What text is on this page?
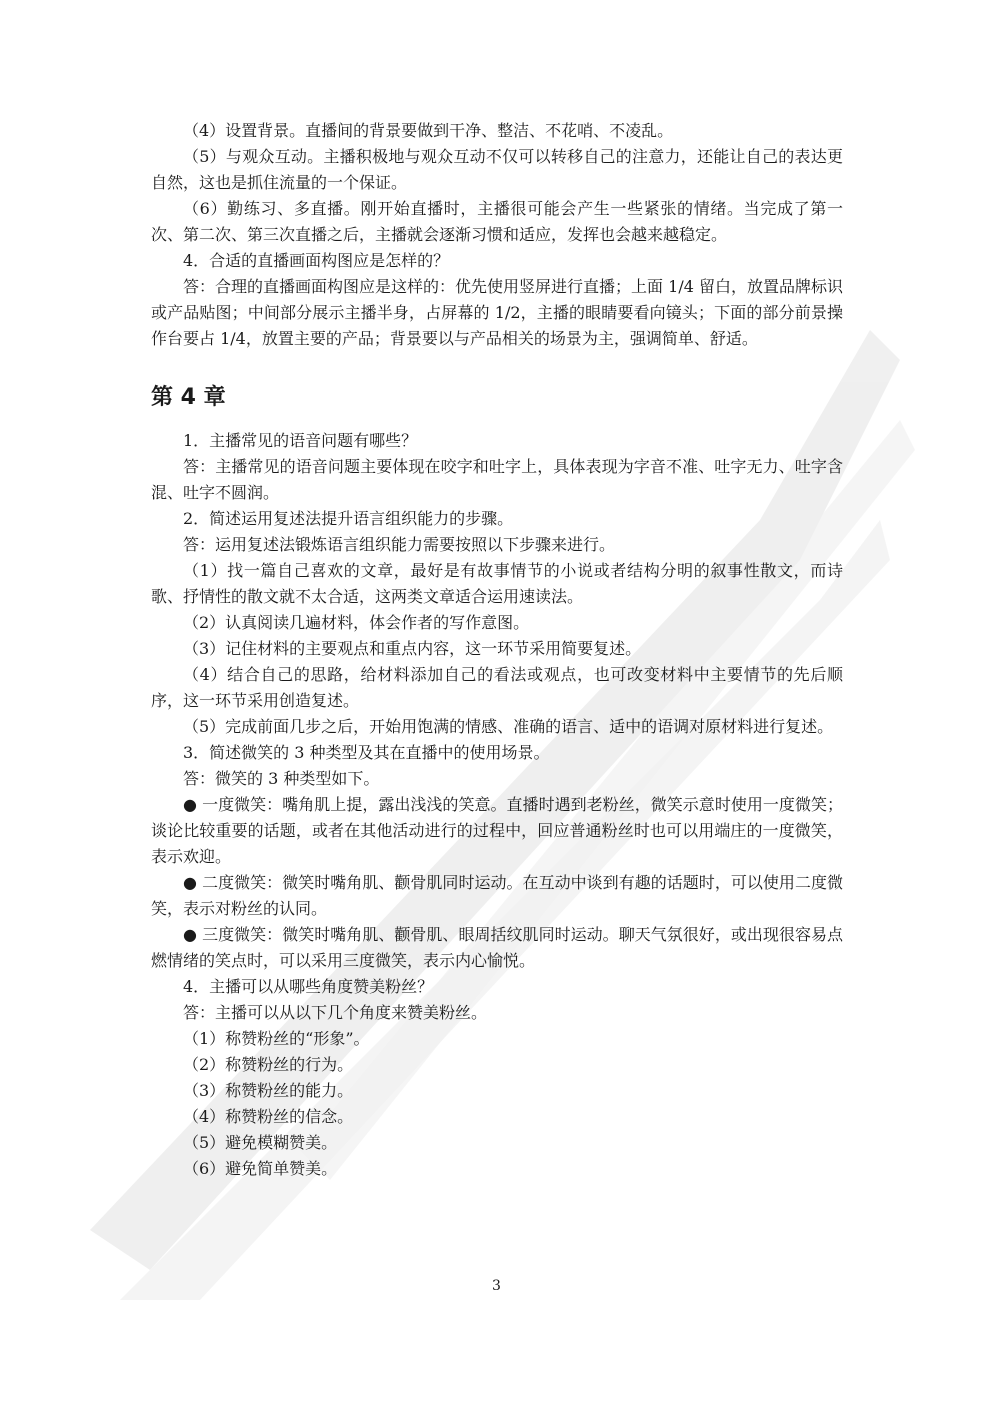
（4）设置背景。直播间的背景要做到干净、整洁、不花哨、不凌乱。

（5）与观众互动。主播积极地与观众互动不仅可以转移自己的注意力，还能让自己的表达更自然，这也是抓住流量的一个保证。

（6）勤练习、多直播。刚开始直播时，主播很可能会产生一些紧张的情绪。当完成了第一次、第二次、第三次直播之后，主播就会逐渐习惯和适应，发挥也会越来越稳定。

4．合适的直播画面构图应是怎样的？

答：合理的直播画面构图应是这样的：优先使用竖屏进行直播；上面 1/4 留白，放置品牌标识或产品贴图；中间部分展示主播半身，占屏幕的 1/2，主播的眼睛要看向镜头；下面的部分前景操作台要占 1/4，放置主要的产品；背景要以与产品相关的场景为主，强调简单、舒适。

第 4 章

1．主播常见的语音问题有哪些？

答：主播常见的语音问题主要体现在咬字和吐字上，具体表现为字音不准、吐字无力、吐字含混、吐字不圆润。

2．简述运用复述法提升语言组织能力的步骤。

答：运用复述法锻炼语言组织能力需要按照以下步骤来进行。

（1）找一篇自己喜欢的文章，最好是有故事情节的小说或者结构分明的叙事性散文，而诗歌、抒情性的散文就不太合适，这两类文章适合运用速读法。

（2）认真阅读几遍材料，体会作者的写作意图。

（3）记住材料的主要观点和重点内容，这一环节采用简要复述。

（4）结合自己的思路，给材料添加自己的看法或观点，也可改变材料中主要情节的先后顺序，这一环节采用创造复述。

（5）完成前面几步之后，开始用饱满的情感、准确的语言、适中的语调对原材料进行复述。

3．简述微笑的 3 种类型及其在直播中的使用场景。

答：微笑的 3 种类型如下。

● 一度微笑：嘴角肌上提，露出浅浅的笑意。直播时遇到老粉丝，微笑示意时使用一度微笑；谈论比较重要的话题，或者在其他活动进行的过程中，回应普通粉丝时也可以用端庄的一度微笑，表示欢迎。

● 二度微笑：微笑时嘴角肌、颧骨肌同时运动。在互动中谈到有趣的话题时，可以使用二度微笑，表示对粉丝的认同。

● 三度微笑：微笑时嘴角肌、颧骨肌、眼周括纹肌同时运动。聊天气氛很好，或出现很容易点燃情绪的笑点时，可以采用三度微笑，表示内心愉悦。

4．主播可以从哪些角度赞美粉丝？

答：主播可以从以下几个角度来赞美粉丝。

（1）称赞粉丝的“形象”。

（2）称赞粉丝的行为。

（3）称赞粉丝的能力。

（4）称赞粉丝的信念。

（5）避免模糊赞美。

（6）避免简单赞美。

3
